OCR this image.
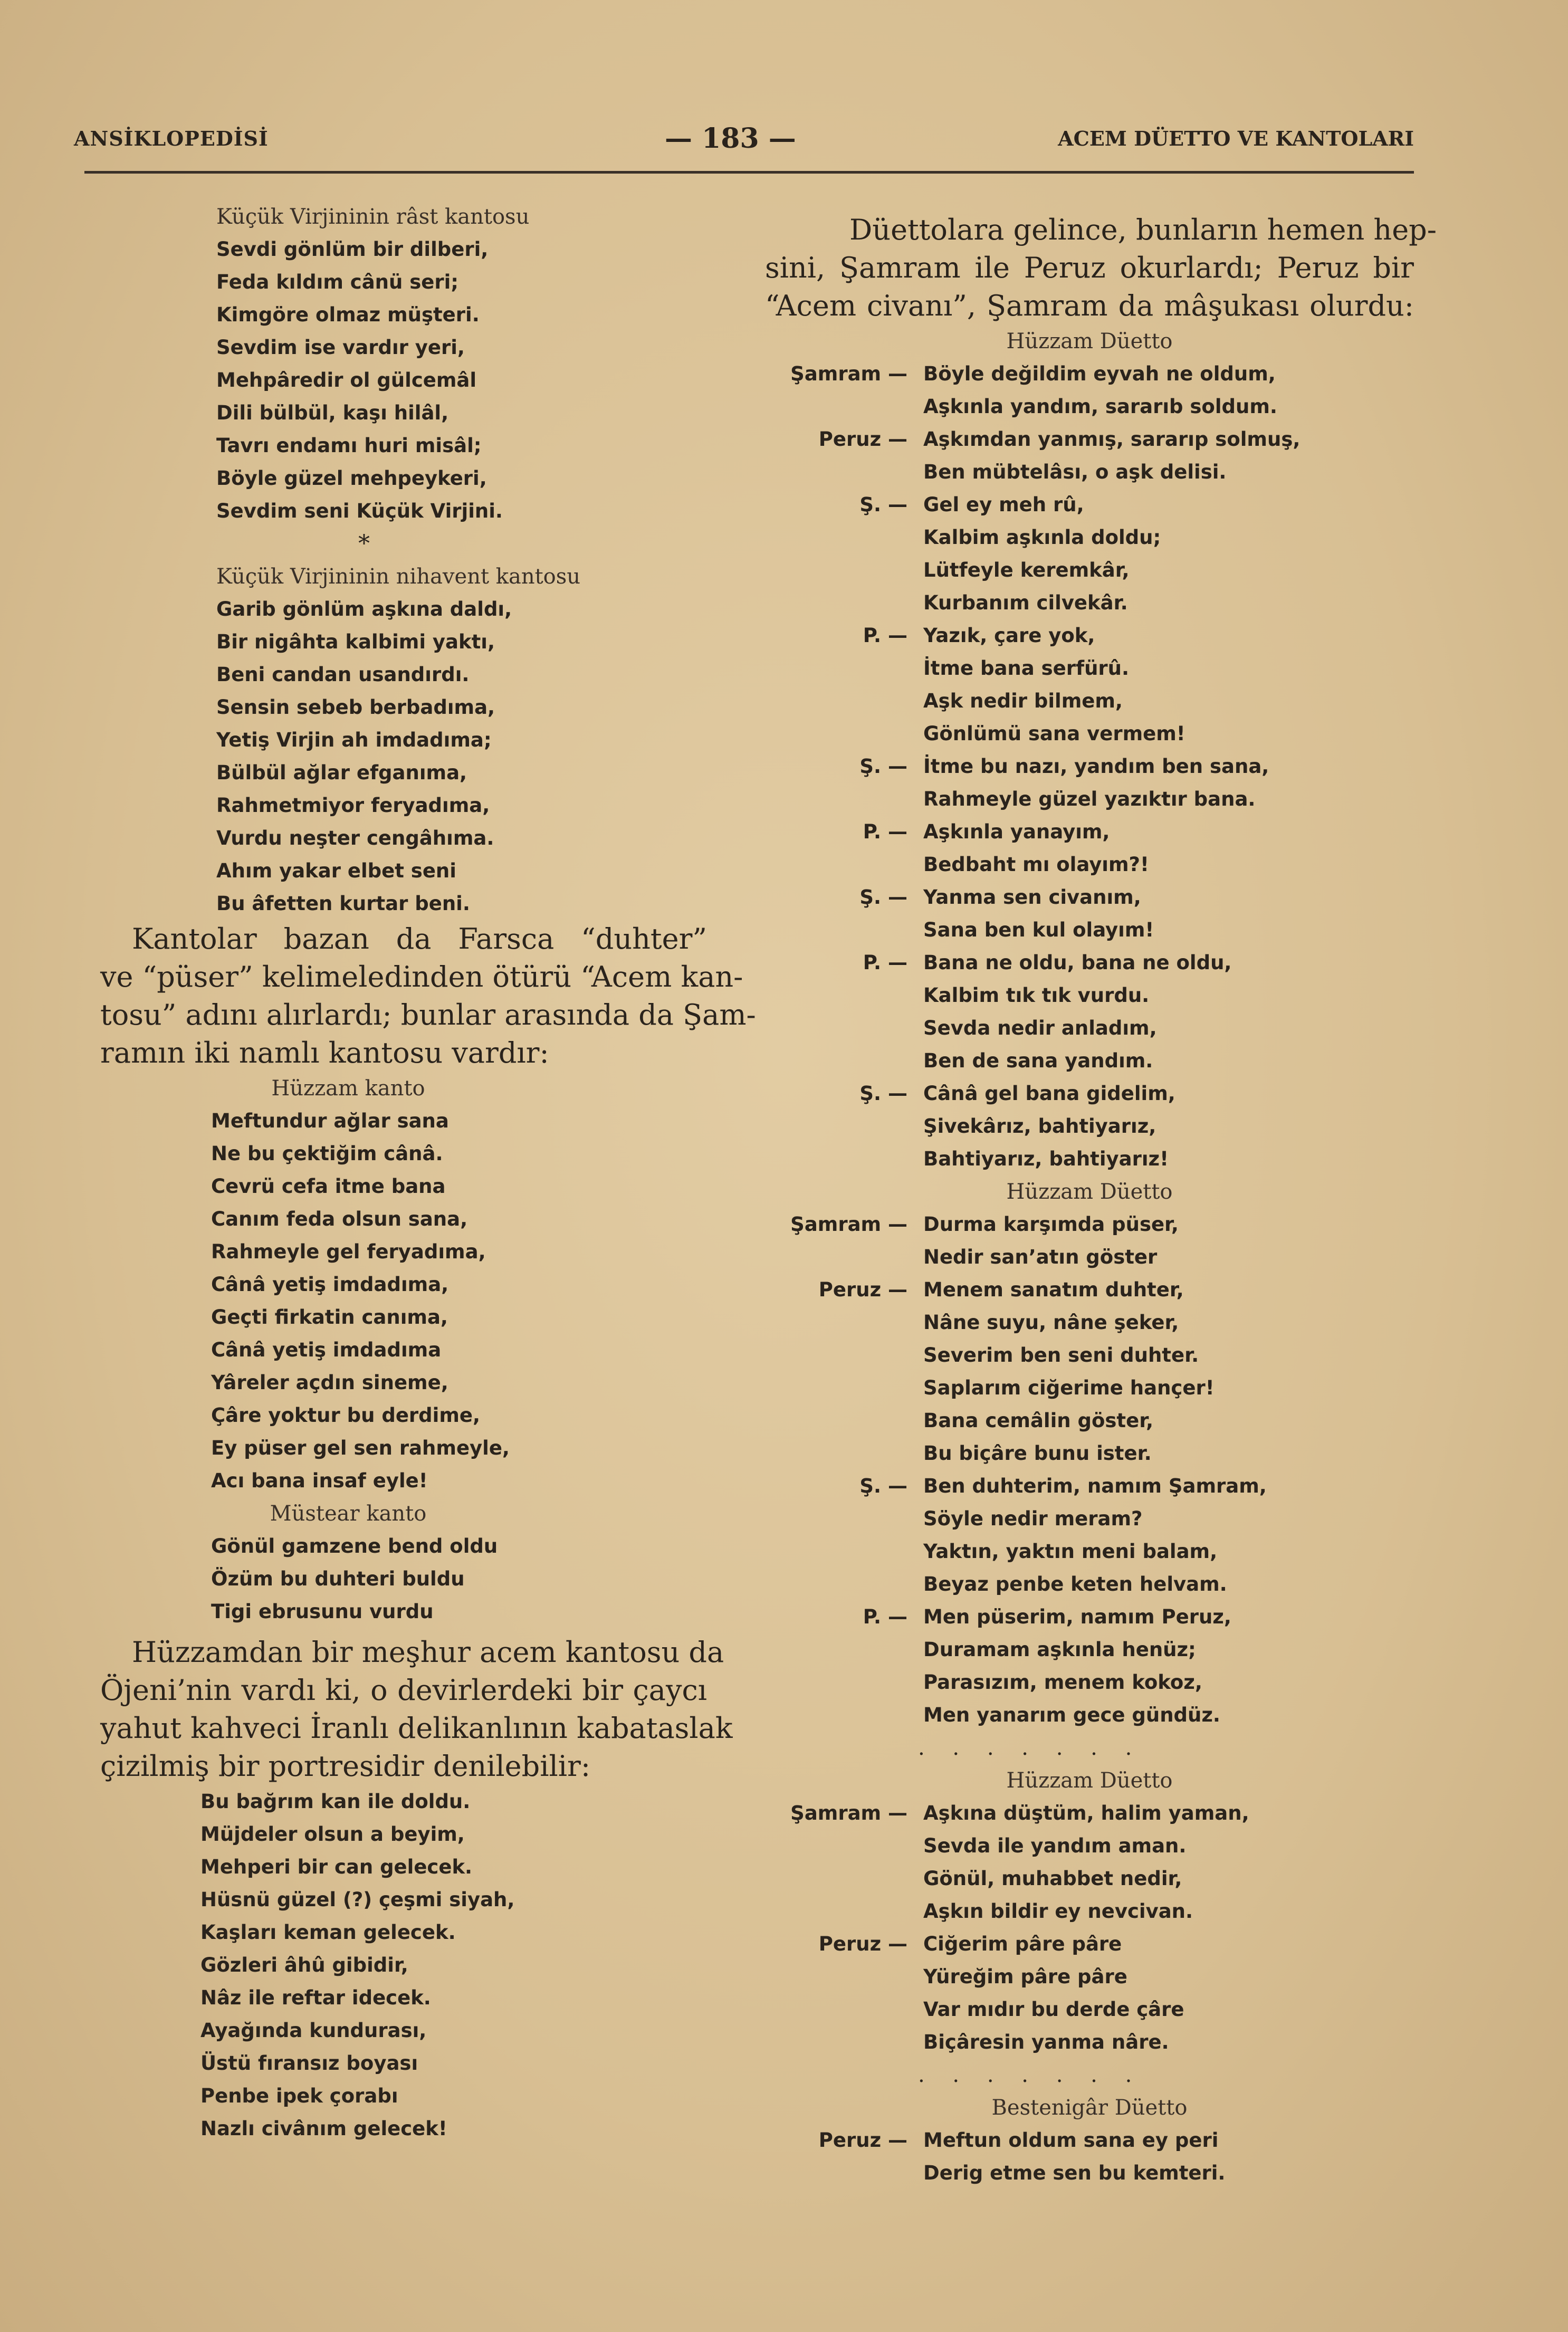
ANSİKLOPEDİSİ	— 183 —	ACEM DÜETTO VE KANTOLARI
Küçük Virjininin râst kantosu
Sevdi gönlüm bir dilberi,
Feda kıldım cânü seri;
Kimgöre olmaz müşteri.
Sevdim ise vardır yeri,
Mehpâredir ol gülcemâl
Dili bülbül, kaşı hilâl,
Tavrı endamı huri misâl;
Böyle güzel mehpeykeri,
Sevdim seni Küçük Virjini.
*
Küçük Virjininin nihavent kantosu
Garib gönlüm aşkına daldı,
Bir nigâhta kalbimi yaktı,
Beni candan usandırdı.
Sensin sebeb berbadıma,
Yetiş Virjin ah imdadıma;
Bülbül ağlar efganıma,
Rahmetmiyor feryadıma,
Vurdu neşter cengâhıma.
Ahım yakar elbet seni
Bu âfetten kurtar beni.
Kantolar bazan da Farsca “duhter”
ve “püser” kelimeledinden ötürü “Acem kan-
tosu” adını alırlardı; bunlar arasında da Şam-
ramın iki namlı kantosu vardır:
Hüzzam kanto
Meftundur ağlar sana
Ne bu çektiğim cânâ.
Cevrü cefa itme bana
Canım feda olsun sana,
Rahmeyle gel feryadıma,
Cânâ yetiş imdadıma,
Geçti firkatin canıma,
Cânâ yetiş imdadıma
Yâreler açdın sineme,
Çâre yoktur bu derdime,
Ey püser gel sen rahmeyle,
Acı bana insaf eyle!
Müstear kanto
Gönül gamzene bend oldu
Özüm bu duhteri buldu
Tigi ebrusunu vurdu
Hüzzamdan bir meşhur acem kantosu da
Öjeni’nin vardı ki, o devirlerdeki bir çaycı
yahut kahveci İranlı delikanlının kabataslak
çizilmiş bir portresidir denilebilir:
Bu bağrım kan ile doldu.
Müjdeler olsun a beyim,
Mehperi bir can gelecek.
Hüsnü güzel (?) çeşmi siyah,
Kaşları keman gelecek.
Gözleri âhû gibidir,
Nâz ile reftar idecek.
Ayağında kundurası,
Üstü fıransız boyası
Penbe ipek çorabı
Nazlı civânım gelecek!
Düettolara gelince, bunların hemen hep-
sini, Şamram ile Peruz okurlardı; Peruz bir
“Acem civanı”, Şamram da mâşukası olurdu:
Hüzzam Düetto
Şamram — Böyle değildim eyvah ne oldum,
Aşkınla yandım, sararıb soldum.
Peruz — Aşkımdan yanmış, sararıp solmuş,
Ben mübtelâsı, o aşk delisi.
Ş. — Gel ey meh rû,
Kalbim aşkınla doldu;
Lütfeyle keremkâr,
Kurbanım cilvekâr.
P. — Yazık, çare yok,
İtme bana serfürû.
Aşk nedir bilmem,
Gönlümü sana vermem!
Ş. — İtme bu nazı, yandım ben sana,
Rahmeyle güzel yazıktır bana.
P. — Aşkınla yanayım,
Bedbaht mı olayım?!
Ş. — Yanma sen civanım,
Sana ben kul olayım!
P. — Bana ne oldu, bana ne oldu,
Kalbim tık tık vurdu.
Sevda nedir anladım,
Ben de sana yandım.
Ş. — Cânâ gel bana gidelim,
Şivekârız, bahtiyarız,
Bahtiyarız, bahtiyarız!
Hüzzam Düetto
Şamram — Durma karşımda püser,
Nedir san’atın göster
Peruz — Menem sanatım duhter,
Nâne suyu, nâne şeker,
Severim ben seni duhter.
Saplarım ciğerime hançer!
Bana cemâlin göster,
Bu biçâre bunu ister.
Ş. — Ben duhterim, namım Şamram,
Söyle nedir meram?
Yaktın, yaktın meni balam,
Beyaz penbe keten helvam.
P. — Men püserim, namım Peruz,
Duramam aşkınla henüz;
Parasızım, menem kokoz,
Men yanarım gece gündüz.
. . . . . . .
Hüzzam Düetto
Şamram — Aşkına düştüm, halim yaman,
Sevda ile yandım aman.
Gönül, muhabbet nedir,
Aşkın bildir ey nevcivan.
Peruz — Ciğerim pâre pâre
Yüreğim pâre pâre
Var mıdır bu derde çâre
Biçâresin yanma nâre.
. . . . . . .
Bestenigâr Düetto
Peruz — Meftun oldum sana ey peri
Derig etme sen bu kemteri.
